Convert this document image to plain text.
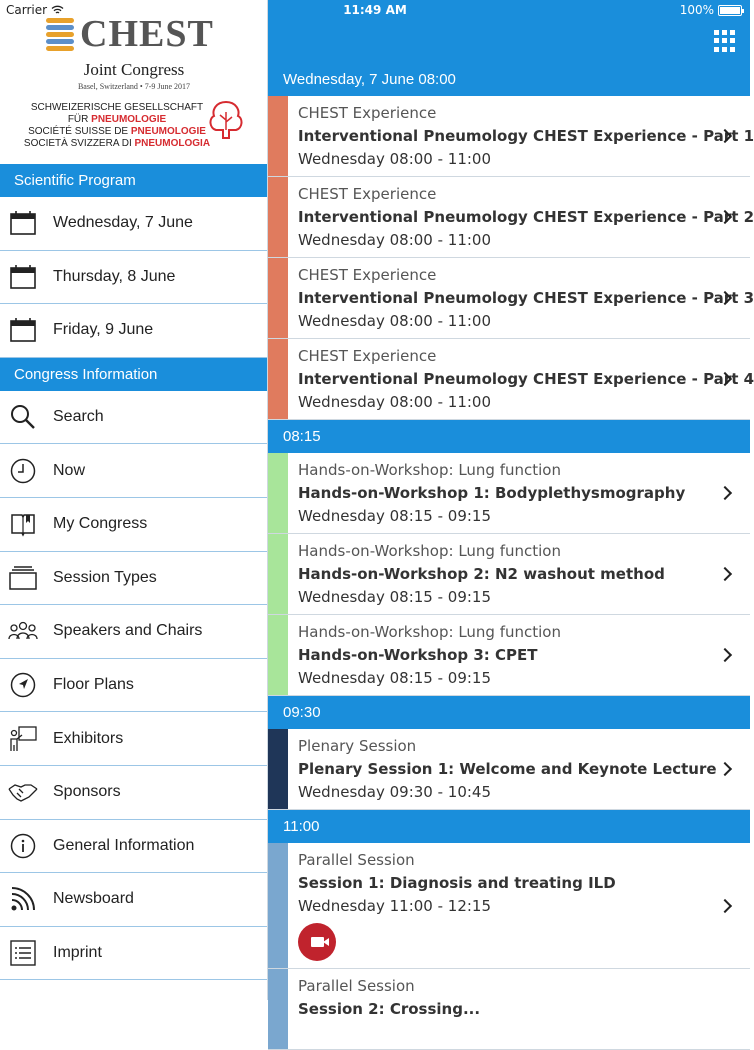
CHEST
Joint Congress
Basel, Switzerland • 7-9 June 2017
SCHWEIZERISCHE GESELLSCHAFT
FÜR PNEUMOLOGIE
SOCIÉTÉ SUISSE DE PNEUMOLOGIE
SOCIETÀ SVIZZERA DI PNEUMOLOGIA
Scientific Program
Wednesday, 7 June
Thursday, 8 June
Friday, 9 June
Congress Information
Search
Now
My Congress
Session Types
Speakers and Chairs
Floor Plans
Exhibitors
Sponsors
General Information
Newsboard
Imprint
Wednesday, 7 June 08:00
CHEST Experience
Interventional Pneumology CHEST Experience - Part 1
Wednesday 08:00 - 11:00
CHEST Experience
Interventional Pneumology CHEST Experience - Part 2
Wednesday 08:00 - 11:00
CHEST Experience
Interventional Pneumology CHEST Experience - Part 3
Wednesday 08:00 - 11:00
CHEST Experience
Interventional Pneumology CHEST Experience - Part 4
Wednesday 08:00 - 11:00
08:15
Hands-on-Workshop: Lung function
Hands-on-Workshop 1: Bodyplethysmography
Wednesday 08:15 - 09:15
Hands-on-Workshop: Lung function
Hands-on-Workshop 2: N2 washout method
Wednesday 08:15 - 09:15
Hands-on-Workshop: Lung function
Hands-on-Workshop 3: CPET
Wednesday 08:15 - 09:15
09:30
Plenary Session
Plenary Session 1: Welcome and Keynote Lecture
Wednesday 09:30 - 10:45
11:00
Parallel Session
Session 1: Diagnosis and treating ILD
Wednesday 11:00 - 12:15
Parallel Session
Session 2: Crossing...
Carrier	11:49 AM	100%
